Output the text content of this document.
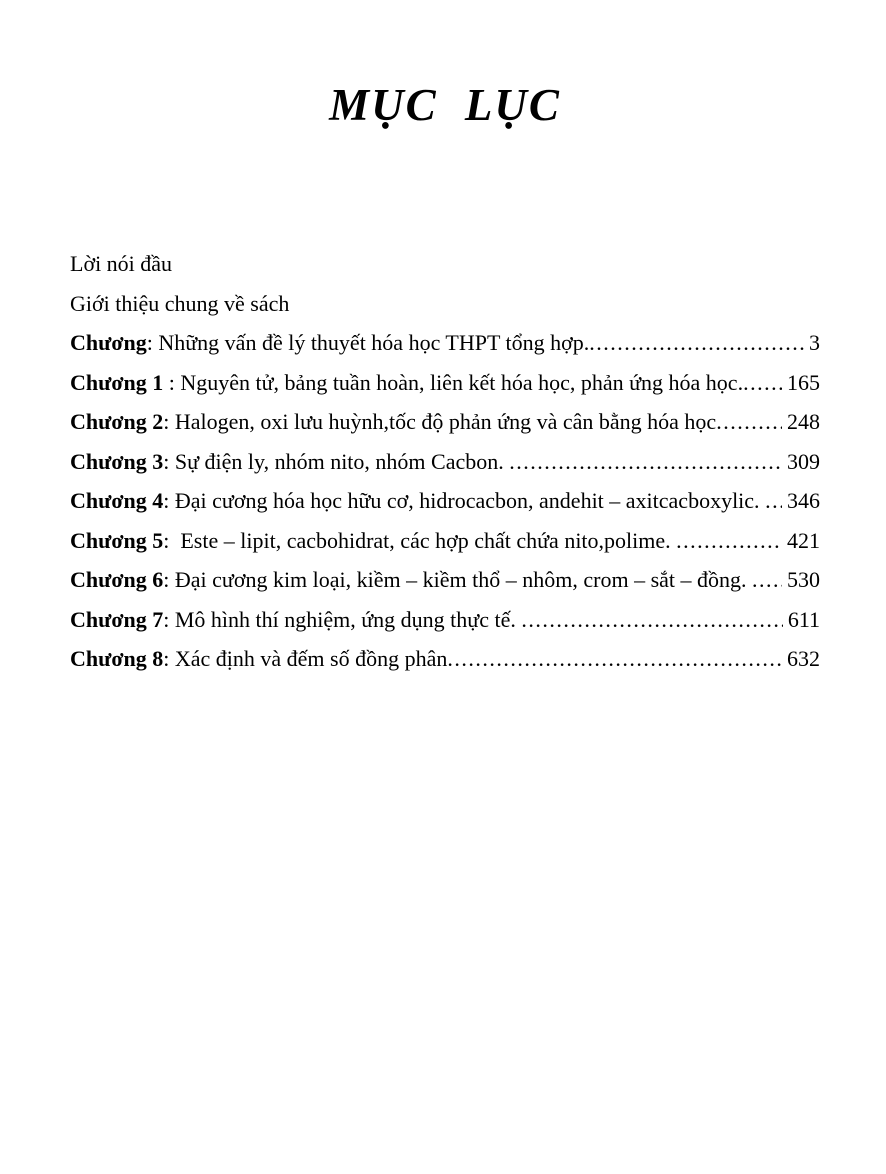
MỤC LỤC
Lời nói đầu
Giới thiệu chung về sách
Chương : Những vấn đề lý thuyết hóa học THPT tổng hợp. .....	3
Chương 1 : Nguyên tử, bảng tuần hoàn, liên kết hóa học, phản ứng hóa học. ..... 165
Chương 2 : Halogen, oxi lưu huỳnh,tốc độ phản ứng và cân bằng hóa học .....	248
Chương 3 : Sự điện ly, nhóm nito, nhóm Cacbon. .....	309
Chương 4 : Đại cương hóa học hữu cơ, hidrocacbon, andehit – axitcacboxylic. ..... 346
Chương 5 :  Este – lipit, cacbohidrat, các hợp chất chứa nito,polime. .....	421
Chương 6 : Đại cương kim loại, kiềm – kiềm thổ – nhôm, crom – sắt – đồng. ..... 530
Chương 7 : Mô hình thí nghiệm, ứng dụng thực tế. .....	611
Chương 8 : Xác định và đếm số đồng phân .....	632
